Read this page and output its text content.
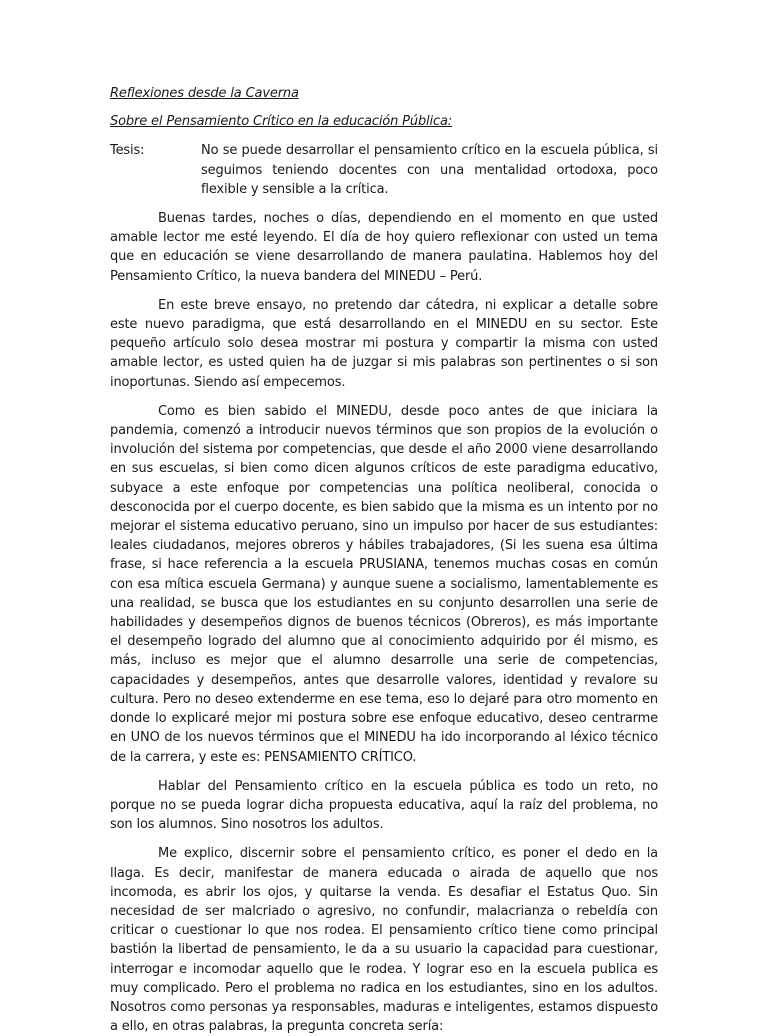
Reflexiones desde la Caverna
Sobre el Pensamiento Crítico en la educación Pública:
Tesis:	No se puede desarrollar el pensamiento crítico en la escuela pública, si seguimos teniendo docentes con una mentalidad ortodoxa, poco flexible y sensible a la crítica.

Buenas tardes, noches o días, dependiendo en el momento en que usted amable lector me esté leyendo. El día de hoy quiero reflexionar con usted un tema que en educación se viene desarrollando de manera paulatina. Hablemos hoy del Pensamiento Crítico, la nueva bandera del MINEDU – Perú.

En este breve ensayo, no pretendo dar cátedra, ni explicar a detalle sobre este nuevo paradigma, que está desarrollando en el MINEDU en su sector. Este pequeño artículo solo desea mostrar mi postura y compartir la misma con usted amable lector, es usted quien ha de juzgar si mis palabras son pertinentes o si son inoportunas. Siendo así empecemos.

Como es bien sabido el MINEDU, desde poco antes de que iniciara la pandemia, comenzó a introducir nuevos términos que son propios de la evolución o involución del sistema por competencias, que desde el año 2000 viene desarrollando en sus escuelas, si bien como dicen algunos críticos de este paradigma educativo, subyace a este enfoque por competencias una política neoliberal, conocida o desconocida por el cuerpo docente, es bien sabido que la misma es un intento por no mejorar el sistema educativo peruano, sino un impulso por hacer de sus estudiantes: leales ciudadanos, mejores obreros y hábiles trabajadores, (Si les suena esa última frase, si hace referencia a la escuela PRUSIANA, tenemos muchas cosas en común con esa mítica escuela Germana) y aunque suene a socialismo, lamentablemente es una realidad, se busca que los estudiantes en su conjunto desarrollen una serie de habilidades y desempeños dignos de buenos técnicos (Obreros), es más importante el desempeño logrado del alumno que al conocimiento adquirido por él mismo, es más, incluso es mejor que el alumno desarrolle una serie de competencias, capacidades y desempeños, antes que desarrolle valores, identidad y revalore su cultura. Pero no deseo extenderme en ese tema, eso lo dejaré para otro momento en donde lo explicaré mejor mi postura sobre ese enfoque educativo, deseo centrarme en UNO de los nuevos términos que el MINEDU ha ido incorporando al léxico técnico de la carrera, y este es: PENSAMIENTO CRÍTICO.

Hablar del Pensamiento crítico en la escuela pública es todo un reto, no porque no se pueda lograr dicha propuesta educativa, aquí la raíz del problema, no son los alumnos. Sino nosotros los adultos.

Me explico, discernir sobre el pensamiento crítico, es poner el dedo en la llaga. Es decir, manifestar de manera educada o airada de aquello que nos incomoda, es abrir los ojos, y quitarse la venda. Es desafiar el Estatus Quo. Sin necesidad de ser malcriado o agresivo, no confundir, malacrianza o rebeldía con criticar o cuestionar lo que nos rodea. El pensamiento crítico tiene como principal bastión la libertad de pensamiento, le da a su usuario la capacidad para cuestionar, interrogar e incomodar aquello que le rodea. Y lograr eso en la escuela publica es muy complicado. Pero el problema no radica en los estudiantes, sino en los adultos. Nosotros como personas ya responsables, maduras e inteligentes, estamos dispuesto a ello, en otras palabras, la pregunta concreta sería:
